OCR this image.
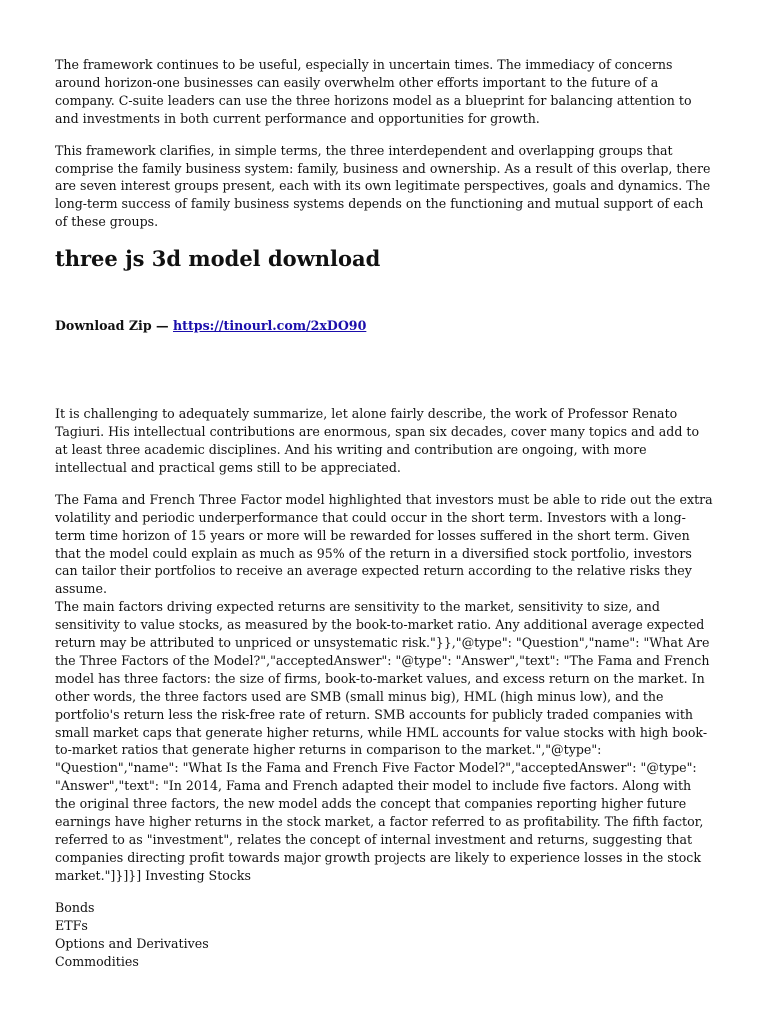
The framework continues to be useful, especially in uncertain times. The immediacy of concerns around horizon-one businesses can easily overwhelm other efforts important to the future of a company. C-suite leaders can use the three horizons model as a blueprint for balancing attention to and investments in both current performance and opportunities for growth.

This framework clarifies, in simple terms, the three interdependent and overlapping groups that comprise the family business system: family, business and ownership. As a result of this overlap, there are seven interest groups present, each with its own legitimate perspectives, goals and dynamics. The long-term success of family business systems depends on the functioning and mutual support of each of these groups.

three js 3d model download
Download Zip — https://tinourl.com/2xDO90

It is challenging to adequately summarize, let alone fairly describe, the work of Professor Renato Tagiuri. His intellectual contributions are enormous, span six decades, cover many topics and add to at least three academic disciplines. And his writing and contribution are ongoing, with more intellectual and practical gems still to be appreciated.

The Fama and French Three Factor model highlighted that investors must be able to ride out the extra volatility and periodic underperformance that could occur in the short term. Investors with a long-term time horizon of 15 years or more will be rewarded for losses suffered in the short term. Given that the model could explain as much as 95% of the return in a diversified stock portfolio, investors can tailor their portfolios to receive an average expected return according to the relative risks they assume.

The main factors driving expected returns are sensitivity to the market, sensitivity to size, and sensitivity to value stocks, as measured by the book-to-market ratio. Any additional average expected return may be attributed to unpriced or unsystematic risk."}},"@type": "Question","name": "What Are the Three Factors of the Model?","acceptedAnswer": "@type": "Answer","text": "The Fama and French model has three factors: the size of firms, book-to-market values, and excess return on the market. In other words, the three factors used are SMB (small minus big), HML (high minus low), and the portfolio's return less the risk-free rate of return. SMB accounts for publicly traded companies with small market caps that generate higher returns, while HML accounts for value stocks with high book-to-market ratios that generate higher returns in comparison to the market.","@type": "Question","name": "What Is the Fama and French Five Factor Model?","acceptedAnswer": "@type": "Answer","text": "In 2014, Fama and French adapted their model to include five factors. Along with the original three factors, the new model adds the concept that companies reporting higher future earnings have higher returns in the stock market, a factor referred to as profitability. The fifth factor, referred to as "investment", relates the concept of internal investment and returns, suggesting that companies directing profit towards major growth projects are likely to experience losses in the stock market."]}]}] Investing Stocks

Bonds
ETFs
Options and Derivatives
Commodities
